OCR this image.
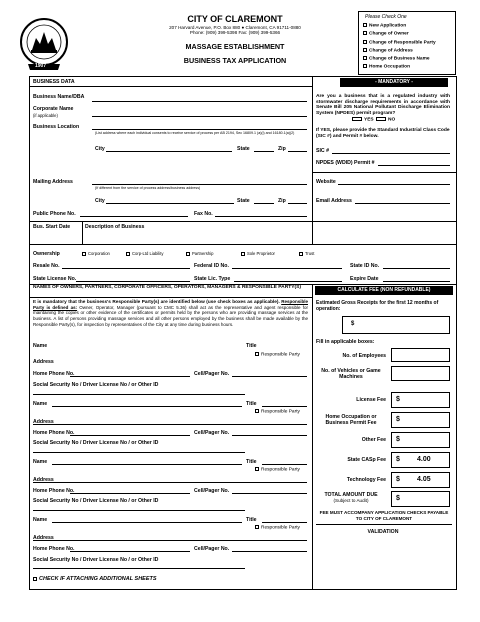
1907
CITY OF CLAREMONT
207 Harvard Avenue, P.O. Box 880 ● Claremont, CA 91711-0880
Phone: (909) 399-5398 Fax: (909) 399-5366
MASSAGE ESTABLISHMENT
BUSINESS TAX APPLICATION
Please Check One
New Application
Change of Owner
Change of Responsible Party
Change of Address
Change of Business Name
Home Occupation
BUSINESS DATA	- MANDATORY -
Business Name/DBA
Corporate Name
(if applicable)
Business Location
(List address where each individual consents to receive service of process per AB 2194, Sec 16809.1 (a)(i) and 16180.1(a)(2)
City	State	Zip
Are you a business that is a regulated industry with stormwater discharge requirements in accordance with Senate Bill 205 National Pollutant Discharge Elimination System (NPDES) permit program?
YES	NO
If YES, please provide the Standard Industrial Class Code (SIC #) and Permit # below.
SIC #
NPDES (WDID) Permit #
Mailing Address
(If different from the service of process address/business address)
Website
City	State	Zip	Email Address
Public Phone No.	Fax No.
Bus. Start Date	Description of Business
Ownership	Corporation	Corp-Ltd Liability	Partnership	Sole Proprietor	Trust
Resale No.	Federal ID No.	State ID No.
State License No.	State Lic. Type	Expire Date
NAMES OF OWNERS, PARTNERS, CORPORATE OFFICERS, OPERATORS, MANAGERS & RESPONSIBLE PARTY(S)
It is mandatory that the business's Responsible Party(s) are identified below (use check boxes as applicable). Responsible Party is defined as: Owner, Operator, Manager (pursuant to CMC 5.36) shall act as the representative and agent responsible for maintaining the copies or other evidence of the certificates or permits held by the persons who are providing massage services at the business. A list of persons providing massage services and all other persons employed by the business shall be made available by the Responsible Party(s), for inspection by representatives of the City at any time during business hours.
Name	Title
Responsible Party
Address
Home Phone No.	Cell/Pager No.
Social Security No / Driver License No / or Other ID
Name	Title
Responsible Party
Address
Home Phone No.	Cell/Pager No.
Social Security No / Driver License No / or Other ID
Name	Title
Responsible Party
Address
Home Phone No.	Cell/Pager No.
Social Security No / Driver License No / or Other ID
Name	Title
Responsible Party
Address
Home Phone No.	Cell/Pager No.
Social Security No / Driver License No / or Other ID
CHECK IF ATTACHING ADDITIONAL SHEETS
CALCULATE FEE (NON REFUNDABLE)
Estimated Gross Receipts for the first 12 months of operation:
$
Fill in applicable boxes:
No. of Employees
No. of Vehicles or Game Machines
License Fee $
Home Occupation or Business Permit Fee	$
Other Fee $
State CASp Fee $ 4.00
Technology Fee $ 4.05
TOTAL AMOUNT DUE
(Subject to Audit)	$
FEE MUST ACCOMPANY APPLICATION CHECKS PAYABLE TO CITY OF CLAREMONT
VALIDATION
